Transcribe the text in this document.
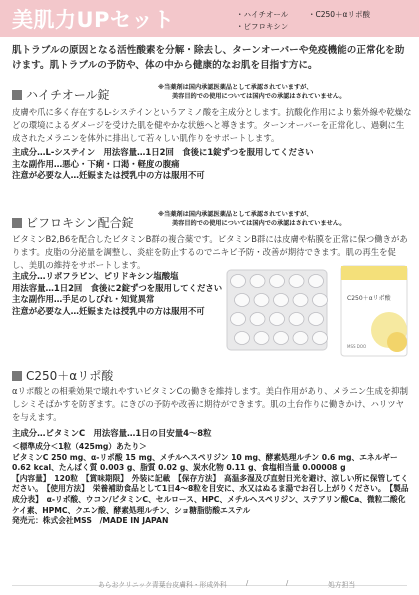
美肌力UPセット	・ハイチオール	・C250＋αリポ酸
・ビフロキシン
肌トラブルの原因となる活性酸素を分解・除去し、ターンオーバーや免疫機能の正常化を助けます。肌トラブルの予防や、体の中から健康的なお肌を目指す方に。
ハイチオール錠
※当薬剤は国内承認医薬品として承認されていますが、
美容目的での使用については国内での承認はされていません。
皮膚や爪に多く存在するL-システインというアミノ酸を主成分とします。抗酸化作用により紫外線や乾燥などの環境によるダメージを受けた肌を健やかな状態へと導きます。ターンオーバーを正常化し、過剰に生成されたメラニンを体外に排出して若々しい肌作りをサポートします。
主成分…L-システイン　用法容量…1日2回　食後に1錠ずつを服用してください
主な副作用…悪心・下痢・口渇・軽度の腹痛
注意が必要な人…妊娠または授乳中の方は服用不可
ビフロキシン配合錠
※当薬剤は国内承認医薬品として承認されていますが、
美容目的での使用については国内での承認はされていません。
ビタミンB2,B6を配合したビタミンB群の複合薬です。ビタミンB群には皮膚や粘膜を正常に保つ働きがあります。皮脂の分泌量を調整し、炎症を防止するのでニキビ予防・改善が期待できます。肌の再生を促し、美肌の維持をサポートします。
主成分…リボフラビン、ピリドキシン塩酸塩
用法容量…1日2回　食後に2錠ずつを服用してください
主な副作用…手足のしびれ・知覚異常
注意が必要な人…妊娠または授乳中の方は服用不可
C250＋αリポ酸
MSS DOO
C250＋αリポ酸
αリポ酸との相乗効果で壊れやすいビタミンCの働きを維持します。美白作用があり、メラニン生成を抑制しシミそばかすを防ぎます。にきびの予防や改善に期待ができます。肌の土台作りに働きかけ、ハリツヤを与えます。
主成分…ビタミンC　用法容量…1日の目安量4～8粒
＜標準成分＜1粒（425mg）あたり＞
ビタミンC 250 mg、α-リポ酸 15 mg、メチルヘスペリジン 10 mg、酵素処理ルチン 0.6 mg、エネルギー 0.62 kcal、たんぱく質 0.003 g、脂質 0.02 g、炭水化物 0.11 g、食塩相当量 0.00008 g
【内容量】　120粒　【賞味期限】　外装に記載　【保存方法】　高温多湿及び直射日光を避け、涼しい所に保管してください。　【使用方法】　栄養補助食品として1日4～8粒を目安に、水又はぬるま湯でお召し上がりください。　【製品成分表】　α-リポ酸、ウコン/ビタミンC、セルロース、HPC、メチルヘスペリジン、ステアリン酸Ca、微粒二酸化ケイ素、HPMC、クエン酸、酵素処理ルチン、ショ糖脂肪酸エステル
発売元：株式会社MSS　/MADE IN JAPAN
あらおクリニック青葉台皮膚科・形成外科	/	/	処方担当
